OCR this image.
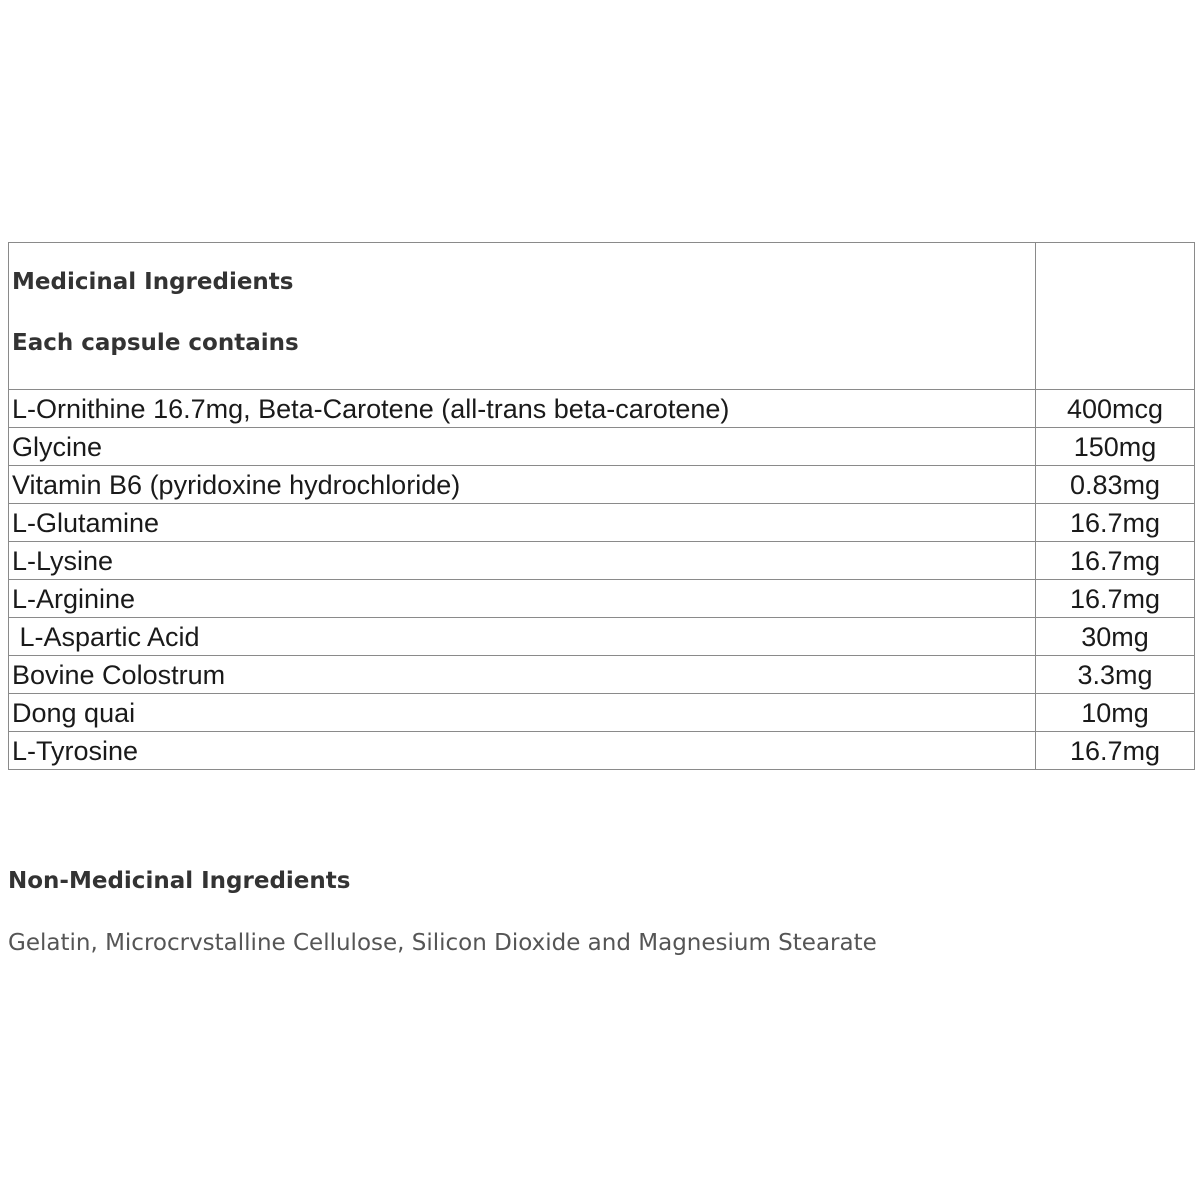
Medicinal Ingredients
Each capsule contains	

L-Ornithine 16.7mg, Beta-Carotene (all-trans beta-carotene)	400mcg
Glycine	150mg
Vitamin B6 (pyridoxine hydrochloride)	0.83mg
L-Glutamine	16.7mg
L-Lysine	16.7mg
L-Arginine	16.7mg
L-Aspartic Acid	30mg
Bovine Colostrum	3.3mg
Dong quai	10mg
L-Tyrosine	16.7mg

Non-Medicinal Ingredients

Gelatin, Microcrvstalline Cellulose, Silicon Dioxide and Magnesium Stearate
